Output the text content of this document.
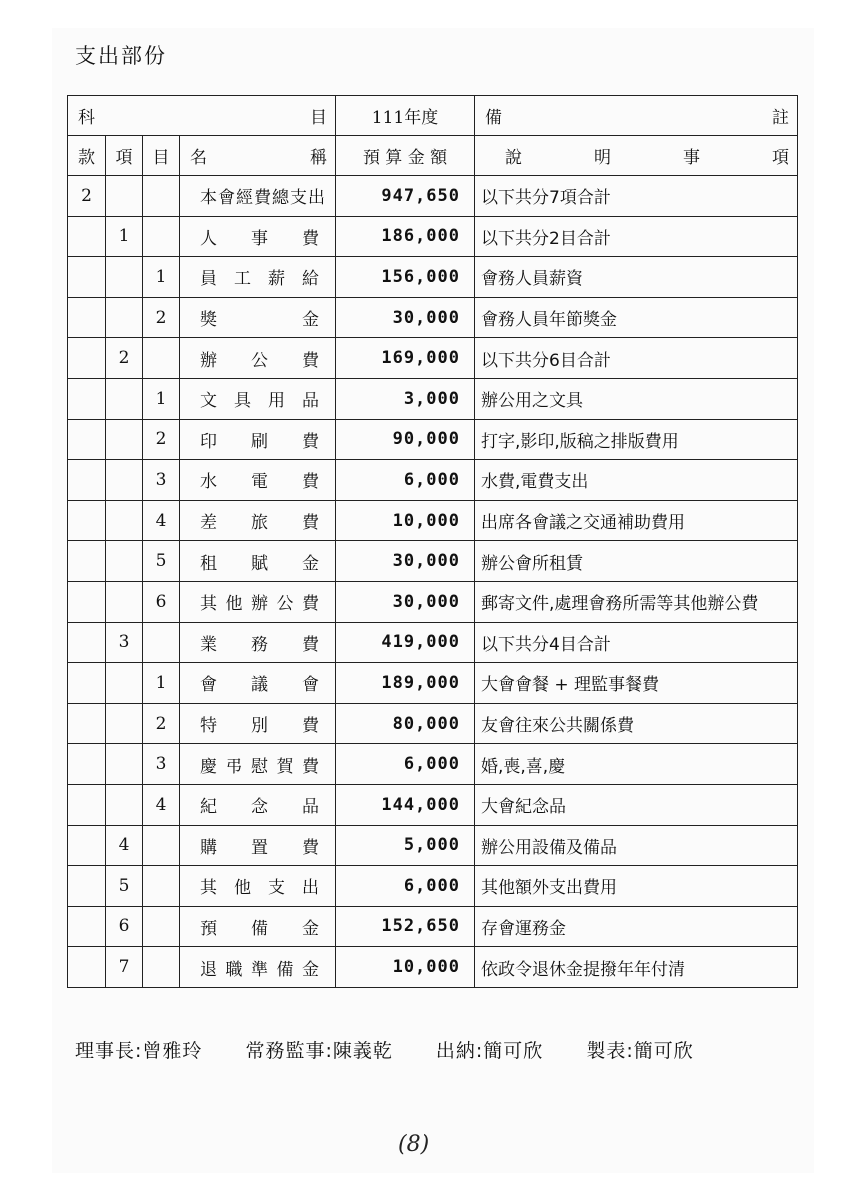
支出部份
科 目				111年度	備 註

款	項	目	名 稱	預 算 金 額	說 明 事 項

2			本會經費總支出	947,650	以下共分7項合計
	1		人 事 費	186,000	以下共分2目合計
		1	員 工 薪 給	156,000	會務人員薪資
		2	獎 金	30,000	會務人員年節獎金
	2		辦 公 費	169,000	以下共分6目合計
		1	文 具 用 品	3,000	辦公用之文具
		2	印 刷 費	90,000	打字,影印,版稿之排版費用
		3	水 電 費	6,000	水費,電費支出
		4	差 旅 費	10,000	出席各會議之交通補助費用
		5	租 賦 金	30,000	辦公會所租賃
		6	其 他 辦 公 費	30,000	郵寄文件,處理會務所需等其他辦公費
	3		業 務 費	419,000	以下共分4目合計
		1	會 議 會	189,000	大會會餐 + 理監事餐費
		2	特 別 費	80,000	友會往來公共關係費
		3	慶 弔 慰 賀 費	6,000	婚,喪,喜,慶
		4	紀 念 品	144,000	大會紀念品
	4		購 置 費	5,000	辦公用設備及備品
	5		其 他 支 出	6,000	其他額外支出費用
	6		預 備 金	152,650	存會運務金
	7		退 職 準 備 金	10,000	依政令退休金提撥年年付清
理事長:曾雅玲 常務監事:陳義乾 出納:簡可欣 製表:簡可欣
(8)
